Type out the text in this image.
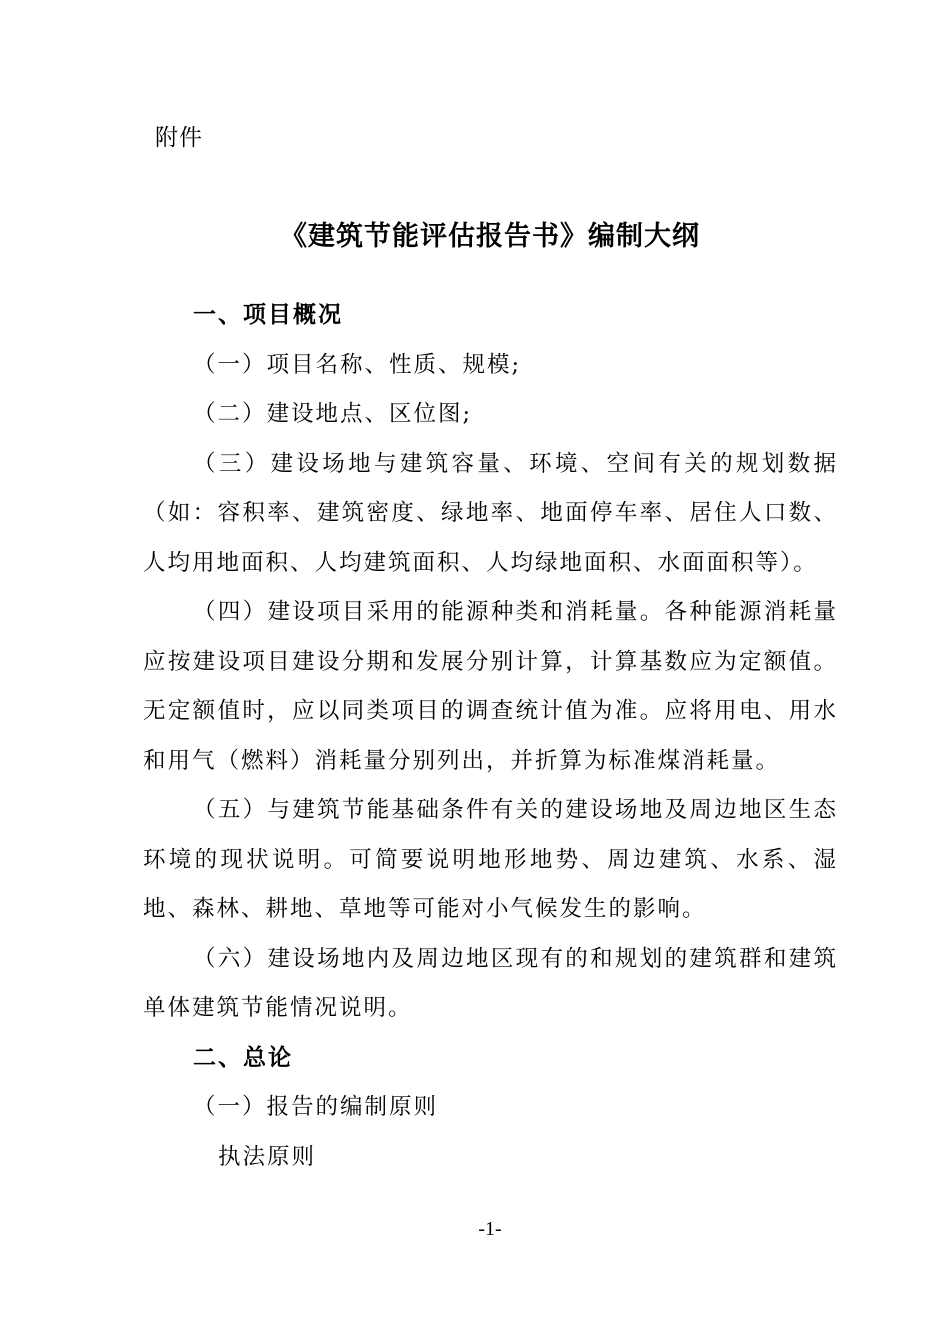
附件
《建筑节能评估报告书》编制大纲
一、项目概况

（一）项目名称、性质、规模;

（二）建设地点、区位图;

（三）建设场地与建筑容量、环境、空间有关的规划数据（如：容积率、建筑密度、绿地率、地面停车率、居住人口数、人均用地面积、人均建筑面积、人均绿地面积、水面面积等）。

（四）建设项目采用的能源种类和消耗量。各种能源消耗量应按建设项目建设分期和发展分别计算，计算基数应为定额值。无定额值时，应以同类项目的调查统计值为准。应将用电、用水和用气（燃料）消耗量分别列出，并折算为标准煤消耗量。

（五）与建筑节能基础条件有关的建设场地及周边地区生态环境的现状说明。可简要说明地形地势、周边建筑、水系、湿地、森林、耕地、草地等可能对小气候发生的影响。

（六）建设场地内及周边地区现有的和规划的建筑群和建筑单体建筑节能情况说明。

二、总论

（一）报告的编制原则

执法原则

-1-
